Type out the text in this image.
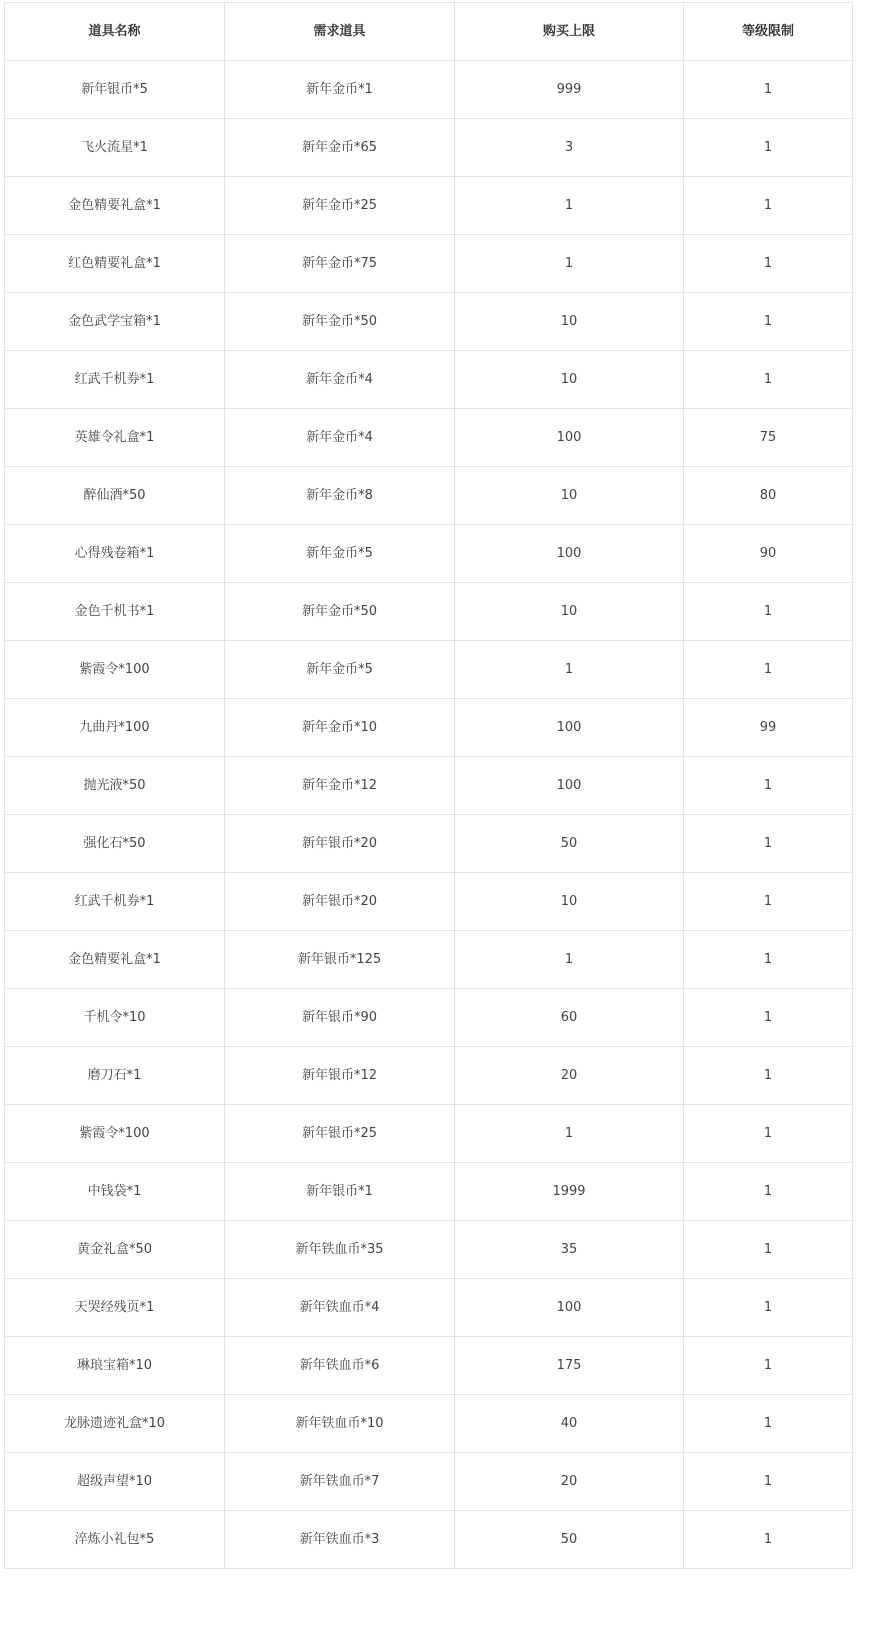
道具名称	需求道具	购买上限	等级限制
新年银币*5	新年金币*1	999	1
飞火流星*1	新年金币*65	3	1
金色精要礼盒*1	新年金币*25	1	1
红色精要礼盒*1	新年金币*75	1	1
金色武学宝箱*1	新年金币*50	10	1
红武千机券*1	新年金币*4	10	1
英雄令礼盒*1	新年金币*4	100	75
醉仙酒*50	新年金币*8	10	80
心得残卷箱*1	新年金币*5	100	90
金色千机书*1	新年金币*50	10	1
紫霞令*100	新年金币*5	1	1
九曲丹*100	新年金币*10	100	99
抛光液*50	新年金币*12	100	1
强化石*50	新年银币*20	50	1
红武千机券*1	新年银币*20	10	1
金色精要礼盒*1	新年银币*125	1	1
千机令*10	新年银币*90	60	1
磨刀石*1	新年银币*12	20	1
紫霞令*100	新年银币*25	1	1
中钱袋*1	新年银币*1	1999	1
黄金礼盒*50	新年铁血币*35	35	1
天哭经残页*1	新年铁血币*4	100	1
琳琅宝箱*10	新年铁血币*6	175	1
龙脉遗迹礼盒*10	新年铁血币*10	40	1
超级声望*10	新年铁血币*7	20	1
淬炼小礼包*5	新年铁血币*3	50	1
